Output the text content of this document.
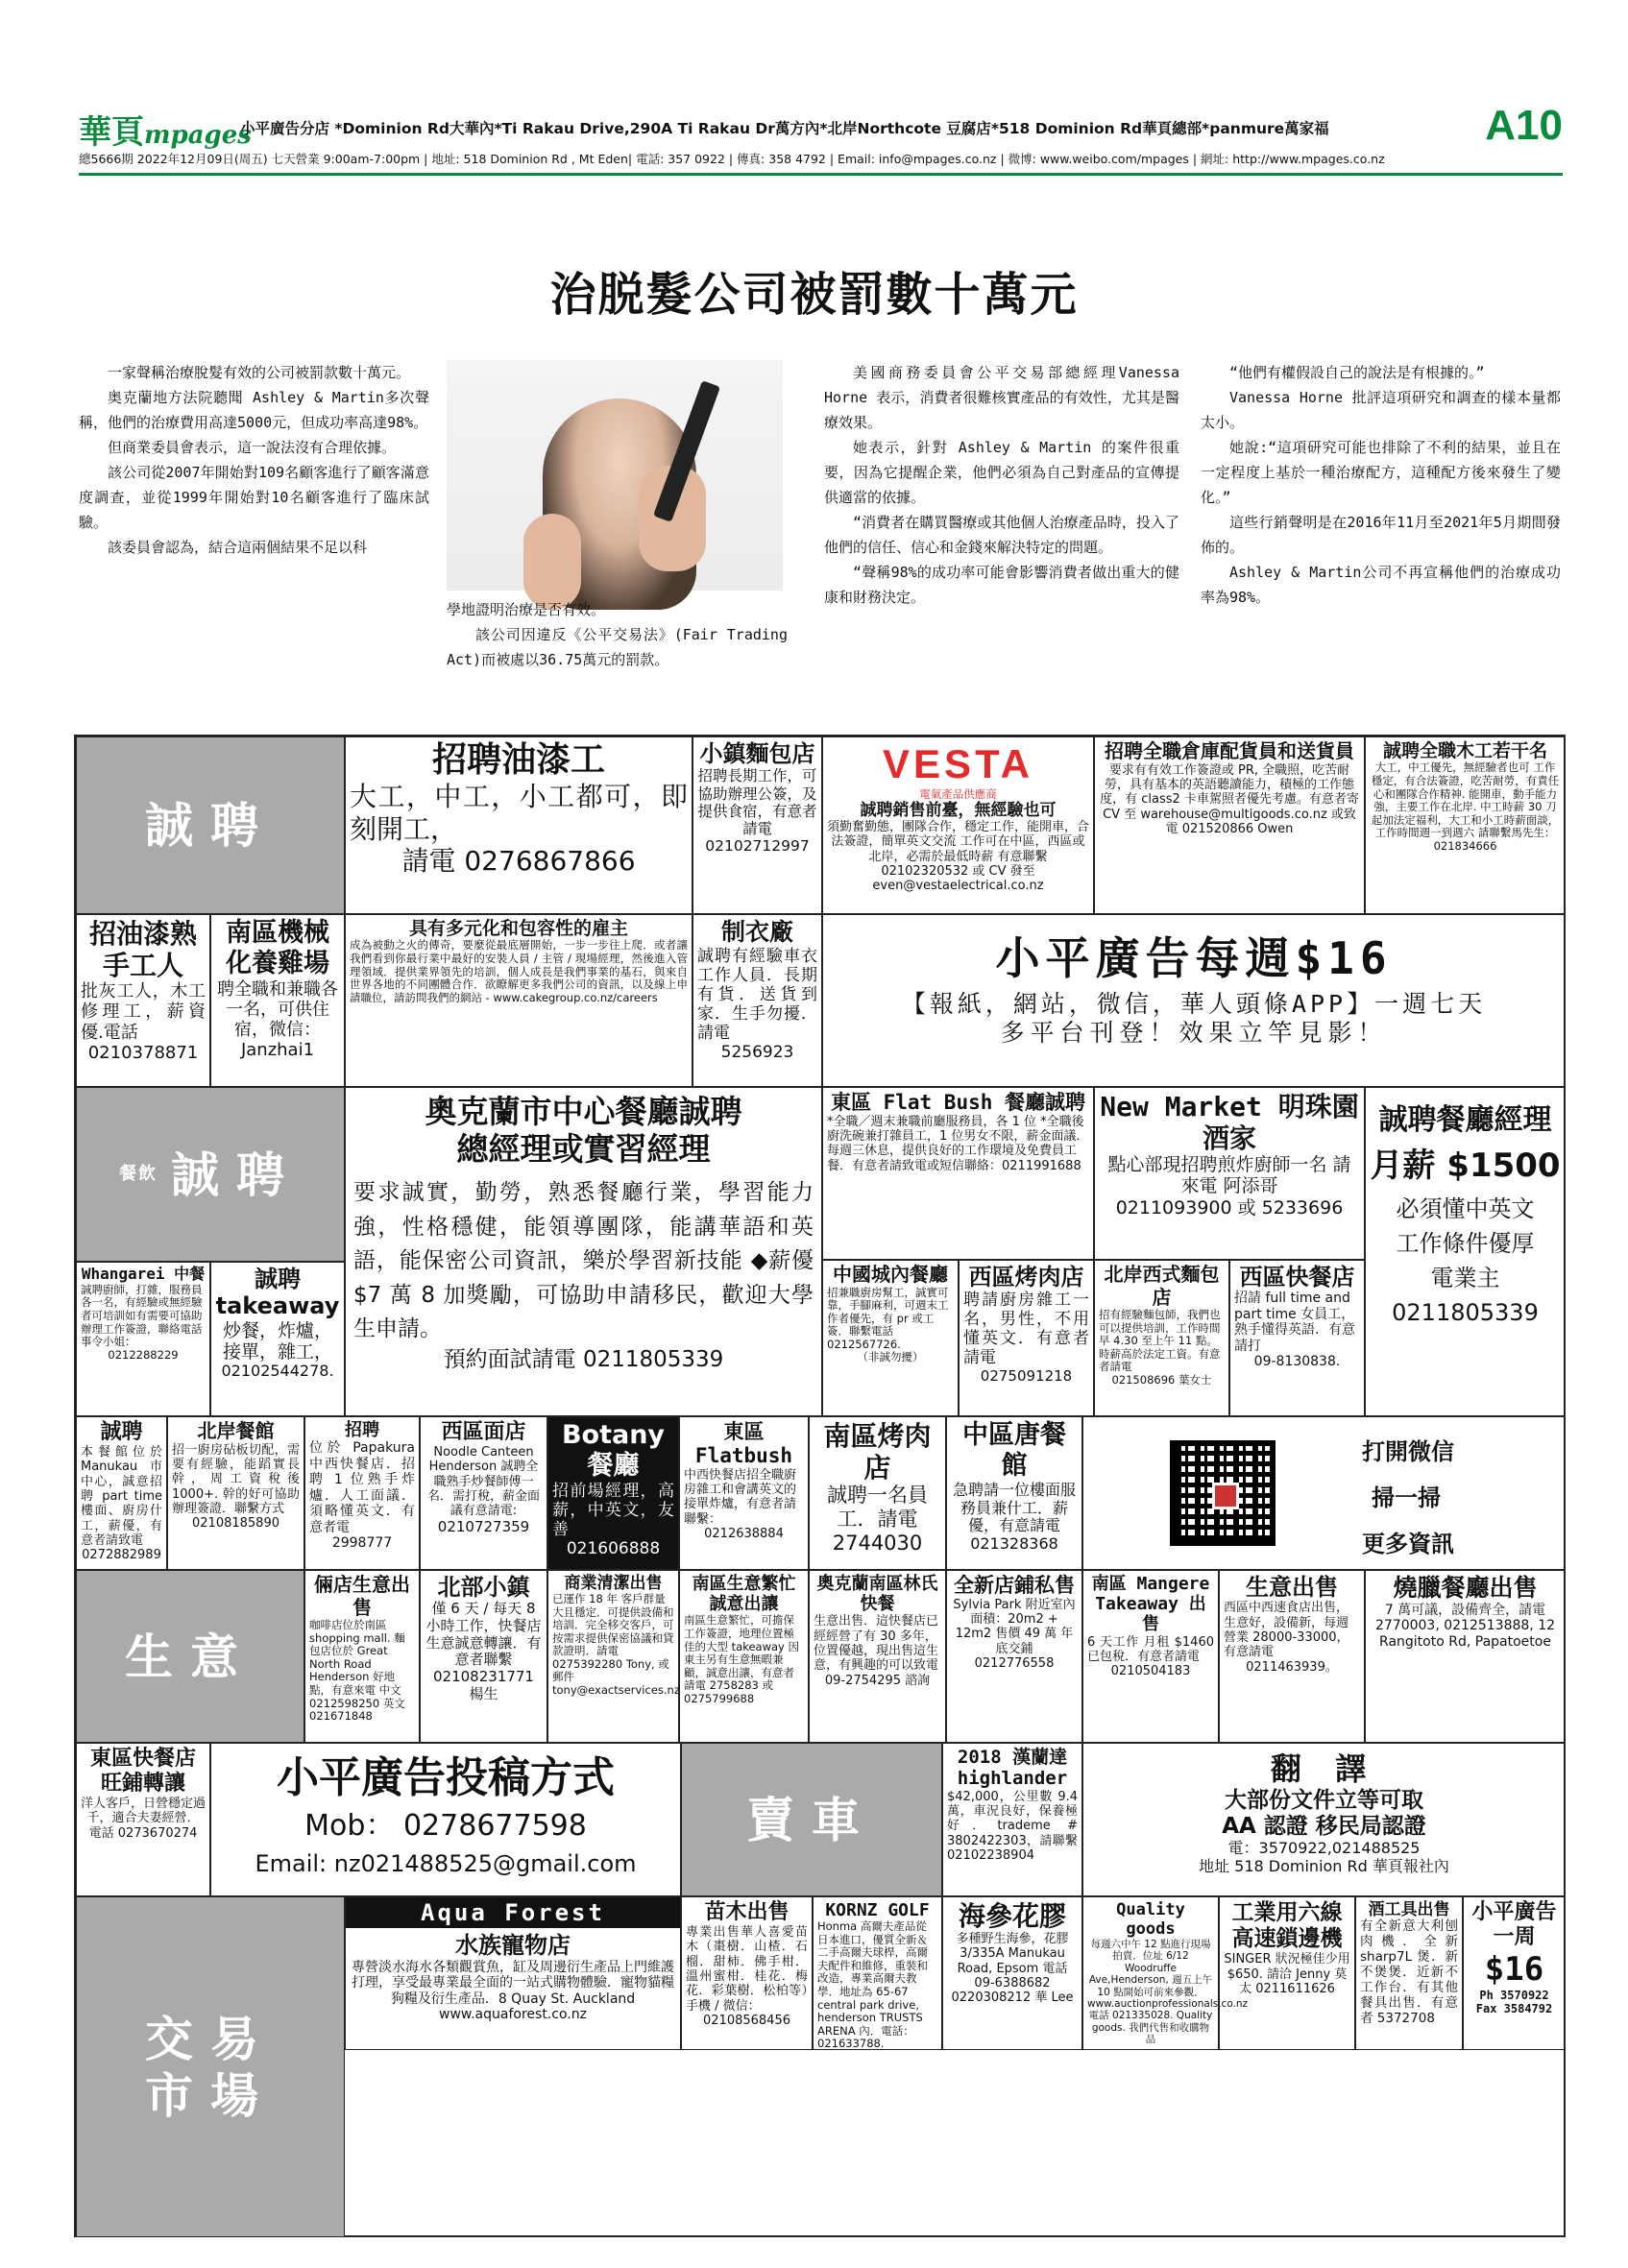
華頁mpages
小平廣告分店 *Dominion Rd大華內*Ti Rakau Drive,290A Ti Rakau Dr萬方內*北岸Northcote 豆腐店*518 Dominion Rd華頁總部*panmure萬家福	A10
總5666期 2022年12月09日(周五) 七天營業 9:00am-7:00pm | 地址: 518 Dominion Rd , Mt Eden| 電話: 357 0922 | 傳真: 358 4792 | Email: info@mpages.co.nz | 微博: www.weibo.com/mpages | 網址: http://www.mpages.co.nz
治脱髮公司被罰數十萬元

一家聲稱治療脫髮有效的公司被罰款數十萬元。

奥克蘭地方法院聽聞 Ashley & Martin多次聲稱，他們的治療費用高達5000元，但成功率高達98%。

但商業委員會表示，這一說法沒有合理依據。

該公司從2007年開始對109名顧客進行了顧客滿意度調查，並從1999年開始對10名顧客進行了臨床試驗。

該委員會認為，結合這兩個結果不足以科

學地證明治療是否有效。

該公司因違反《公平交易法》(Fair Trading Act)而被處以36.75萬元的罰款。

美國商務委員會公平交易部總經理Vanessa Horne 表示，消費者很難核實產品的有效性，尤其是醫療效果。

她表示，針對 Ashley & Martin 的案件很重要，因為它提醒企業，他們必須為自己對產品的宣傳提供適當的依據。

“消費者在購買醫療或其他個人治療產品時，投入了他們的信任、信心和金錢來解決特定的問題。

“聲稱98%的成功率可能會影響消費者做出重大的健康和財務決定。

“他們有權假設自己的說法是有根據的。”

Vanessa Horne 批評這項研究和調查的樣本量都太小。

她說:“這項研究可能也排除了不利的結果，並且在一定程度上基於一種治療配方，這種配方後來發生了變化。”

這些行銷聲明是在2016年11月至2021年5月期間發佈的。

Ashley & Martin公司不再宣稱他們的治療成功率為98%。

誠聘
招聘油漆工
大工，中工，小工都可，即刻開工，
請電 0276867866
小鎮麵包店
招聘長期工作，可協助辦理公簽，及提供食宿，有意者請電
02102712997
VESTA
電氣產品供應商
誠聘銷售前臺，無經驗也可
須勤奮勤態，團隊合作，穩定工作，能開車，合法簽證，簡單英文交流 工作可在中區，西區或北岸，必需於最低時薪 有意聯繫 02102320532 或 CV 發至 even@vestaelectrical.co.nz
招聘全職倉庫配貨員和送貨員
要求有有效工作簽證或 PR, 全職照，吃苦耐勞，具有基本的英語聽讀能力，積極的工作態度，有 class2 卡車駕照者優先考慮。有意者寄 CV 至 warehouse@multigoods.co.nz 或致電 021520866 Owen
誠聘全職木工若干名
大工，中工優先，無經驗者也可 工作穩定，有合法簽證，吃苦耐勞，有責任心和團隊合作精神. 能開車，動手能力強，主要工作在北岸. 中工時薪 30 刀起加法定福利，大工和小工時薪面談，工作時間週一到週六 請聯繫馬先生：021834666
招油漆熟手工人
批灰工人，木工修理工，薪資優.電話
0210378871
南區機械化養雞場
聘全職和兼職各一名，可供住宿，微信：
Janzhai1
具有多元化和包容性的雇主
成為被動之火的傳奇，要麼從最底層開始，一步一步往上爬．或者讓我們看到你最行業中最好的安裝人員 / 主管 / 現場經理，然後進入管理領域．提供業界領先的培訓，個人成長是我們事業的基石，與來自世界各地的不同團體合作．欲瞭解更多我們公司的資訊，以及線上申請職位，請訪問我們的網站 - www.cakegroup.co.nz/careers
制衣廠
誠聘有經驗車衣工作人員．長期有貨．送貨到家．生手勿擾．請電
5256923
小平廣告每週$16
【報紙，網站，微信，華人頭條APP】一週七天
多平台刊登！效果立竿見影！
餐飲 誠聘
奧克蘭市中心餐廳誠聘
總經理或實習經理
要求誠實，勤勞，熟悉餐廳行業，學習能力強，性格穩健，能領導團隊，能講華語和英語，能保密公司資訊，樂於學習新技能 ◆薪優 $7 萬 8 加獎勵，可協助申請移民，歡迎大學生申請。
預約面試請電 0211805339
東區 Flat Bush 餐廳誠聘
*全職／週末兼職前廳服務員，各 1 位 *全職後廚洗碗兼打雜員工，1 位男女不限，薪金面議．每週三休息，提供良好的工作環境及免費員工餐．有意者請致電或短信聯絡：0211991688
New Market 明珠園酒家
點心部現招聘煎炸廚師一名 請來電 阿添哥
0211093900 或 5233696
誠聘餐廳經理
月薪 $1500
必須懂中英文
工作條件優厚
電業主
0211805339
Whangarei 中餐
誠聘廚師，打雜，服務員各一名，有經驗或無經驗者可培訓如有需要可協助辦理工作簽證，聯絡電話事令小姐：
0212288229
誠聘 takeaway
炒餐，炸爐，接單，雜工，
02102544278.
中國城內餐廳
招兼職廚房幫工，誠實可靠，手腳麻利，可週末工作者優先，有 pr 或工簽．聯繫電話 0212567726.
（非誠勿擾）
西區烤肉店
聘請廚房雜工一名，男性，不用懂英文．有意者請電
0275091218
北岸西式麵包店
招有經驗麵包師，我們也可以提供培訓，工作時間早 4.30 至上午 11 點。時薪高於法定工資。有意者請電
021508696 葉女士
西區快餐店
招請 full time and part time 女員工，熟手懂得英語．有意請打
09-8130838.
誠聘
本餐館位於 Manukau 市中心，誠意招聘 part time 樓面、廚房什工，薪優，有意者請致電
0272882989
北岸餐館
招一廚房砧板切配，需要有經驗，能蹈實長幹，周工資稅後 1000+. 幹的好可協助辦理簽證．聯繫方式
02108185890
招聘
位於 Papakura 中西快餐店．招聘 1 位熟手炸爐．人工面議．須略懂英文．有意者電
2998777
西區面店
Noodle Canteen Henderson 誠聘全職熟手炒餐師傅一名．需打稅，薪金面議有意請電:
0210727359
Botany 餐廳
招前場經理，高薪，中英文，友善
021606888
東區 Flatbush
中西快餐店招全職廚房雜工和會講英文的接單炸爐，有意者請聯繫：
0212638884
南區烤肉店
誠聘一名員工．請電
2744030
中區唐餐館
急聘請一位樓面服務員兼什工．薪優，有意請電
021328368
打開微信
掃一掃
更多資訊
生意
倆店生意出售
咖啡店位於南區 shopping mall. 麵包店位於 Great North Road Henderson 好地點，有意來電 中文 0212598250 英文 021671848
北部小鎮
僅 6 天 / 每天 8 小時工作，快餐店生意誠意轉讓．有意者聯繫
02108231771
楊生
商業清潔出售
已運作 18 年 客戶群量大且穩定．可提供設備和培訓．完全移交客戶，可按需求提供保密協議和貸款證明．請電 0275392280 Tony, 或郵件 tony@exactservices.nz
南區生意繁忙誠意出讓
南區生意繁忙，可擔保工作簽證，地理位置極佳的大型 takeaway 因東主另有生意無暇兼顧，誠意出讓，有意者請電 2758283 或 0275799688
奧克蘭南區林氏快餐
生意出售．這快餐店已經經營了有 30 多年，位置優越，現出售這生意，有興趣的可以致電
09-2754295 諮詢
全新店鋪私售
Sylvia Park 附近室內面積：20m2 + 12m2 售價 49 萬 年底交鋪
0212776558
南區 Mangere Takeaway 出售
6 天工作 月租 $1460 已包稅．有意者請電
0210504183
生意出售
西區中西速食店出售，生意好，設備新，每週營業 28000-33000，有意請電
0211463939。
燒臘餐廳出售
7 萬可議，設備齊全，請電 2770003, 0212513888, 12 Rangitoto Rd, Papatoetoe
東區快餐店
旺鋪轉讓
洋人客戶，日營穩定過千，適合夫妻經營．
電話 0273670274
小平廣告投稿方式
Mob： 0278677598
Email: nz021488525@gmail.com
賣車
2018 漢蘭達 highlander
$42,000，公里數 9.4 萬，車況良好，保養極好．trademe # 3802422303，請聯繫 02102238904
翻 譯
大部份文件立等可取
AA 認證 移民局認證
電：3570922,021488525
地址 518 Dominion Rd 華頁報社內
交易
市場
Aqua Forest
水族寵物店
專營淡水海水各類觀賞魚，缸及周邊衍生產品上門維護打理，享受最專業最全面的一站式購物體驗．寵物貓糧狗糧及衍生產品．8 Quay St. Auckland www.aquaforest.co.nz
苗木出售
專業出售華人喜愛苗木（棗樹．山楂．石榴．甜柿．佛手柑．溫州蜜柑．桂花．梅花．彩葉樹．松柏等）手機 / 微信：
02108568456
KORNZ GOLF
Honma 高爾夫產品從日本進口，優質全新＆二手高爾夫球桿，高爾夫配件和維修，重裝和改造，專業高爾夫教學．地址為 65-67 central park drive, henderson TRUSTS ARENA 內．電話：021633788.
海參花膠
多種野生海參，花膠 3/335A Manukau Road, Epsom 電話 09-6388682
0220308212 華 Lee
Quality goods
每週六中午 12 點進行現場拍賣．位址 6/12 Woodruffe Ave,Henderson, 週五上午 10 點開始可前來參觀．www.auctionprofessionals.co.nz 電話 021335028. Quality goods. 我們代售和收購物品
工業用六線高速鎖邊機
SINGER 狀況極佳少用 $650. 請洽 Jenny 莫太 0211611626
酒工具出售
有全新意大利刨肉機．全新 sharp7L 煲．新不煲煲．近新不工作台．有其他餐具出售．有意者 5372708
小平廣告一周
$16
Ph 3570922
Fax 3584792
